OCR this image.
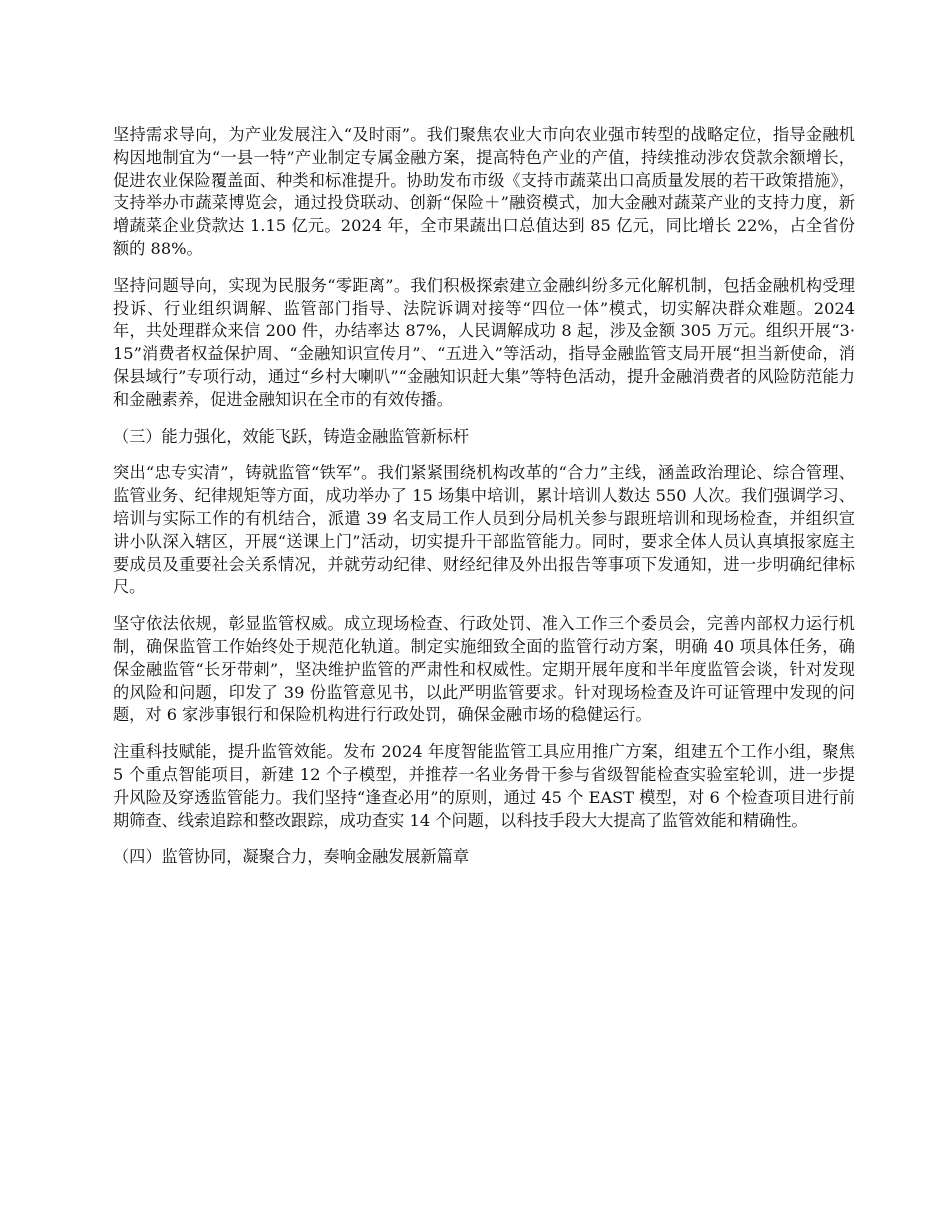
坚持需求导向，为产业发展注入“及时雨”。我们聚焦农业大市向农业强市转型的战略定位，指导金融机构因地制宜为“一县一特”产业制定专属金融方案，提高特色产业的产值，持续推动涉农贷款余额增长，促进农业保险覆盖面、种类和标准提升。协助发布市级《支持市蔬菜出口高质量发展的若干政策措施》，支持举办市蔬菜博览会，通过投贷联动、创新“保险＋”融资模式，加大金融对蔬菜产业的支持力度，新增蔬菜企业贷款达 1.15 亿元。2024 年，全市果蔬出口总值达到 85 亿元，同比增长 22%，占全省份额的 88%。

坚持问题导向，实现为民服务“零距离”。我们积极探索建立金融纠纷多元化解机制，包括金融机构受理投诉、行业组织调解、监管部门指导、法院诉调对接等“四位一体”模式，切实解决群众难题。2024 年，共处理群众来信 200 件，办结率达 87%，人民调解成功 8 起，涉及金额 305 万元。组织开展“3·15”消费者权益保护周、“金融知识宣传月”、“五进入”等活动，指导金融监管支局开展“担当新使命，消保县域行”专项行动，通过“乡村大喇叭”“金融知识赶大集”等特色活动，提升金融消费者的风险防范能力和金融素养，促进金融知识在全市的有效传播。

（三）能力强化，效能飞跃，铸造金融监管新标杆

突出“忠专实清”，铸就监管“铁军”。我们紧紧围绕机构改革的“合力”主线，涵盖政治理论、综合管理、监管业务、纪律规矩等方面，成功举办了 15 场集中培训，累计培训人数达 550 人次。我们强调学习、培训与实际工作的有机结合，派遣 39 名支局工作人员到分局机关参与跟班培训和现场检查，并组织宣讲小队深入辖区，开展“送课上门”活动，切实提升干部监管能力。同时，要求全体人员认真填报家庭主要成员及重要社会关系情况，并就劳动纪律、财经纪律及外出报告等事项下发通知，进一步明确纪律标尺。

坚守依法依规，彰显监管权威。成立现场检查、行政处罚、准入工作三个委员会，完善内部权力运行机制，确保监管工作始终处于规范化轨道。制定实施细致全面的监管行动方案，明确 40 项具体任务，确保金融监管“长牙带刺”，坚决维护监管的严肃性和权威性。定期开展年度和半年度监管会谈，针对发现的风险和问题，印发了 39 份监管意见书，以此严明监管要求。针对现场检查及许可证管理中发现的问题，对 6 家涉事银行和保险机构进行行政处罚，确保金融市场的稳健运行。

注重科技赋能，提升监管效能。发布 2024 年度智能监管工具应用推广方案，组建五个工作小组，聚焦 5 个重点智能项目，新建 12 个子模型，并推荐一名业务骨干参与省级智能检查实验室轮训，进一步提升风险及穿透监管能力。我们坚持“逢查必用”的原则，通过 45 个 EAST 模型，对 6 个检查项目进行前期筛查、线索追踪和整改跟踪，成功查实 14 个问题，以科技手段大大提高了监管效能和精确性。

（四）监管协同，凝聚合力，奏响金融发展新篇章
